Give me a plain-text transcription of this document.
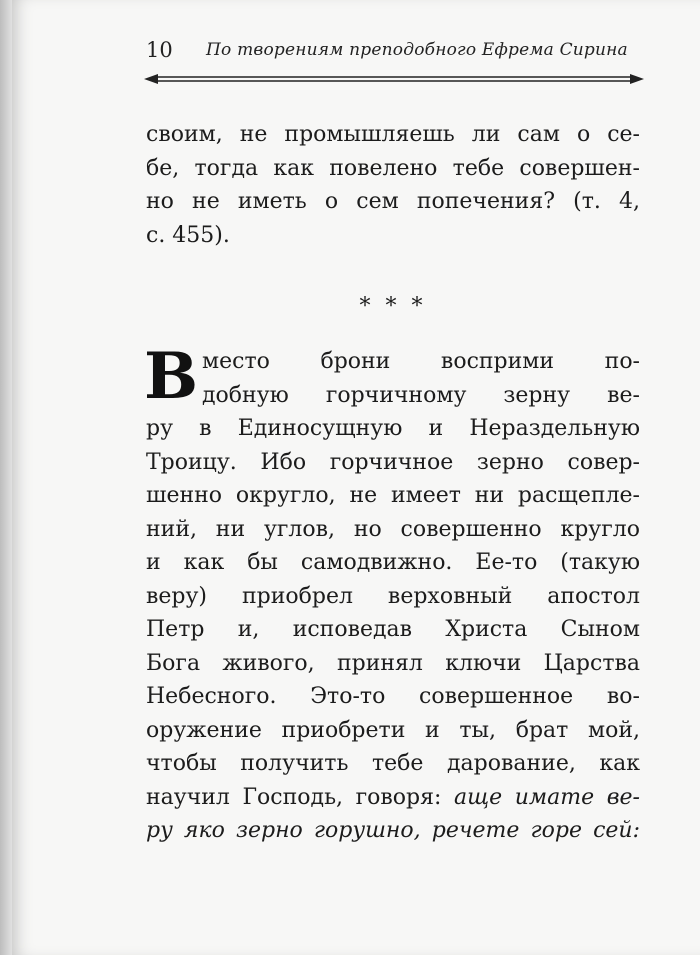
10 По творениям преподобного Ефрема Сирина
своим, не промышляешь ли сам о се-
бе, тогда как повелено тебе совершен-
но не иметь о сем попечения? (т. 4,
с. 455).
* * *
В место брони восприми по-
добную горчичному зерну ве-
ру в Единосущную и Нераздельную
Троицу. Ибо горчичное зерно совер-
шенно округло, не имеет ни расщепле-
ний, ни углов, но совершенно кругло
и как бы самодвижно. Ее-то (такую
веру) приобрел верховный апостол
Петр и, исповедав Христа Сыном
Бога живого, принял ключи Царства
Небесного. Это-то совершенное во-
оружение приобрети и ты, брат мой,
чтобы получить тебе дарование, как
научил Господь, говоря: аще имате ве-
ру яко зерно горушно, речете горе сей:
